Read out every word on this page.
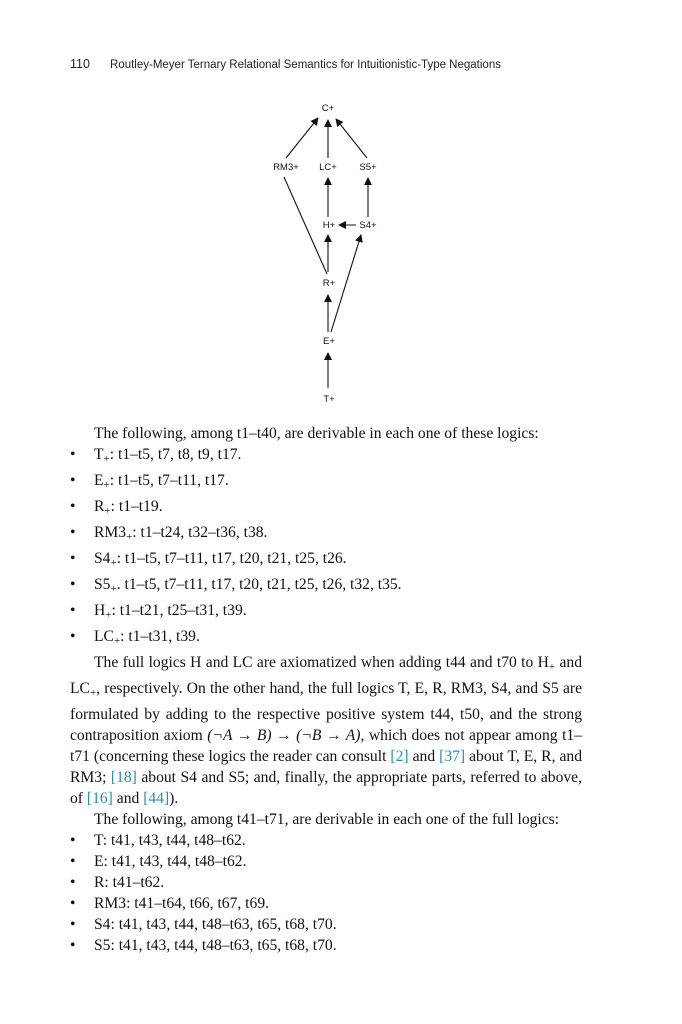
110 Routley-Meyer Ternary Relational Semantics for Intuitionistic-Type Negations
C+
RM3+ LC+ S5+
H+	S4+
R+
E+
T+

The following, among t1–t40, are derivable in each one of these logics:

• $T_+$: t1–t5, t7, t8, t9, t17.
• $E_+$: t1–t5, t7–t11, t17.
• $R_+$: t1–t19.
• $RM3_+$: t1–t24, t32–t36, t38.
• $S4_+$: t1–t5, t7–t11, t17, t20, t21, t25, t26.
• $S5_+$. t1–t5, t7–t11, t17, t20, t21, t25, t26, t32, t35.
• $H_+$: t1–t21, t25–t31, t39.
• $LC_+$: t1–t31, t39.

The full logics H and LC are axiomatized when adding t44 and t70 to $H_+$ and $LC_+$, respectively. On the other hand, the full logics T, E, R, RM3, S4, and S5 are formulated by adding to the respective positive system t44, t50, and the strong contraposition axiom (¬A → B) → (¬B → A), which does not appear among t1–t71 (concerning these logics the reader can consult [2] and [37] about T, E, R, and RM3; [18] about S4 and S5; and, finally, the appropriate parts, referred to above, of [16] and [44]).

The following, among t41–t71, are derivable in each one of the full logics:

• T: t41, t43, t44, t48–t62.
• E: t41, t43, t44, t48–t62.
• R: t41–t62.
• RM3: t41–t64, t66, t67, t69.
• S4: t41, t43, t44, t48–t63, t65, t68, t70.
• S5: t41, t43, t44, t48–t63, t65, t68, t70.
